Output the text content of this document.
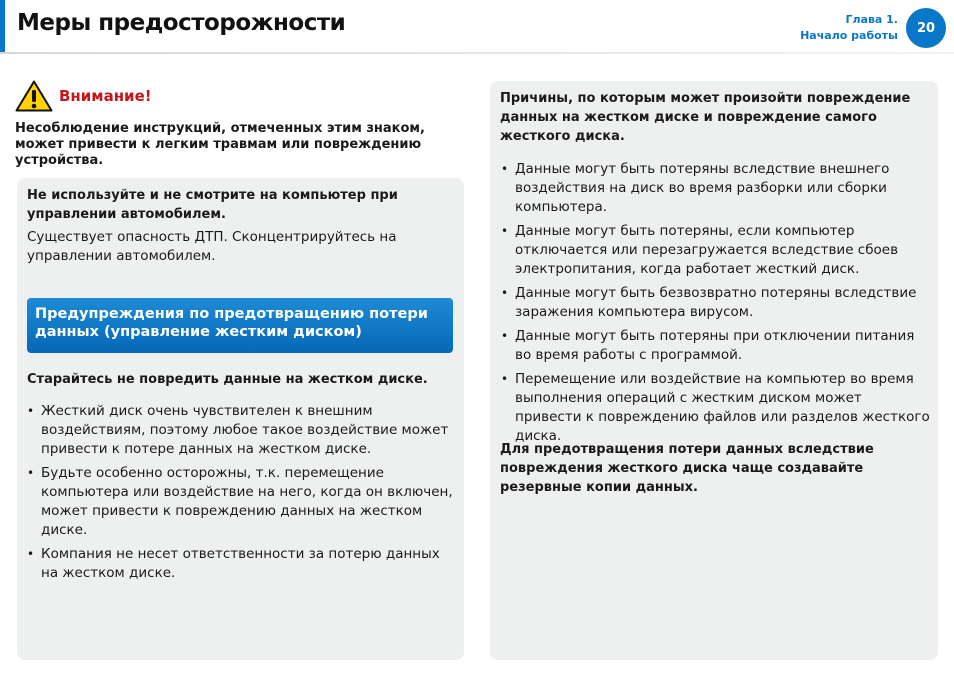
Меры предосторожности	Глава 1.
Начало работы	20
Внимание!

Несоблюдение инструкций, отмеченных этим знаком, может привести к легким травмам или повреждению устройства.

Не используйте и не смотрите на компьютер при управлении автомобилем.

Существует опасность ДТП. Сконцентрируйтесь на управлении автомобилем.

Предупреждения по предотвращению потери данных (управление жестким диском)

Старайтесь не повредить данные на жестком диске.

• Жесткий диск очень чувствителен к внешним воздействиям, поэтому любое такое воздействие может привести к потере данных на жестком диске.
• Будьте особенно осторожны, т.к. перемещение компьютера или воздействие на него, когда он включен, может привести к повреждению данных на жестком диске.
• Компания не несет ответственности за потерю данных на жестком диске.

Причины, по которым может произойти повреждение данных на жестком диске и повреждение самого жесткого диска.

• Данные могут быть потеряны вследствие внешнего воздействия на диск во время разборки или сборки компьютера.
• Данные могут быть потеряны, если компьютер отключается или перезагружается вследствие сбоев электропитания, когда работает жесткий диск.
• Данные могут быть безвозвратно потеряны вследствие заражения компьютера вирусом.
• Данные могут быть потеряны при отключении питания во время работы с программой.
• Перемещение или воздействие на компьютер во время выполнения операций с жестким диском может привести к повреждению файлов или разделов жесткого диска.

Для предотвращения потери данных вследствие повреждения жесткого диска чаще создавайте резервные копии данных.
